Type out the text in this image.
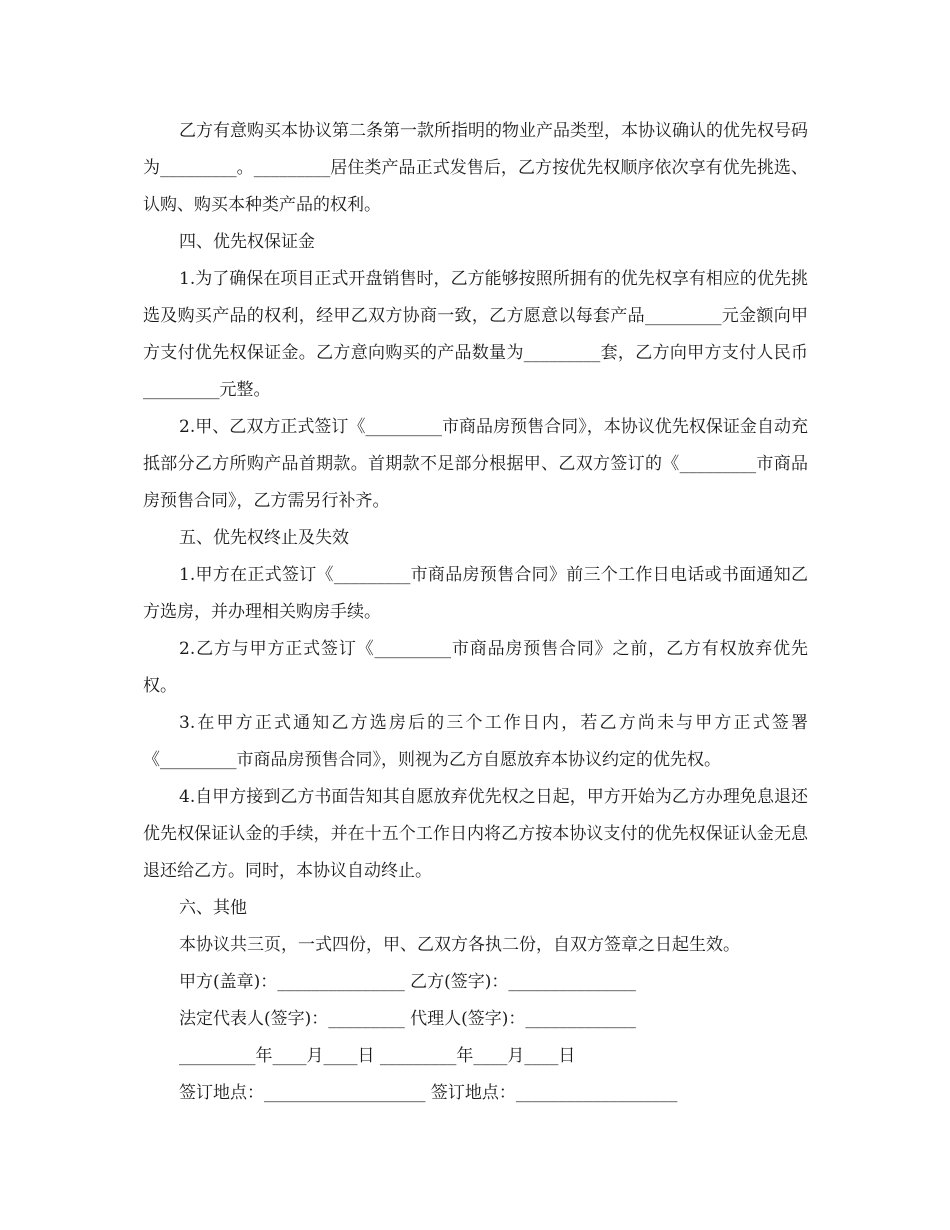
乙方有意购买本协议第二条第一款所指明的物业产品类型，本协议确认的优先权号码为_________。_________居住类产品正式发售后，乙方按优先权顺序依次享有优先挑选、认购、购买本种类产品的权利。

四、优先权保证金

1.为了确保在项目正式开盘销售时，乙方能够按照所拥有的优先权享有相应的优先挑选及购买产品的权利，经甲乙双方协商一致，乙方愿意以每套产品_________元金额向甲方支付优先权保证金。乙方意向购买的产品数量为_________套，乙方向甲方支付人民币_________元整。

2.甲、乙双方正式签订《_________市商品房预售合同》，本协议优先权保证金自动充抵部分乙方所购产品首期款。首期款不足部分根据甲、乙双方签订的《_________市商品房预售合同》，乙方需另行补齐。

五、优先权终止及失效

1.甲方在正式签订《_________市商品房预售合同》前三个工作日电话或书面通知乙方选房，并办理相关购房手续。

2.乙方与甲方正式签订《_________市商品房预售合同》之前，乙方有权放弃优先权。

3.在甲方正式通知乙方选房后的三个工作日内，若乙方尚未与甲方正式签署《_________市商品房预售合同》，则视为乙方自愿放弃本协议约定的优先权。

4.自甲方接到乙方书面告知其自愿放弃优先权之日起，甲方开始为乙方办理免息退还优先权保证认金的手续，并在十五个工作日内将乙方按本协议支付的优先权保证认金无息退还给乙方。同时，本协议自动终止。

六、其他

本协议共三页，一式四份，甲、乙双方各执二份，自双方签章之日起生效。

甲方(盖章)：_______________ 乙方(签字)：_______________

法定代表人(签字)：_________ 代理人(签字)：_____________

_________年____月____日 _________年____月____日

签订地点：___________________ 签订地点：___________________
